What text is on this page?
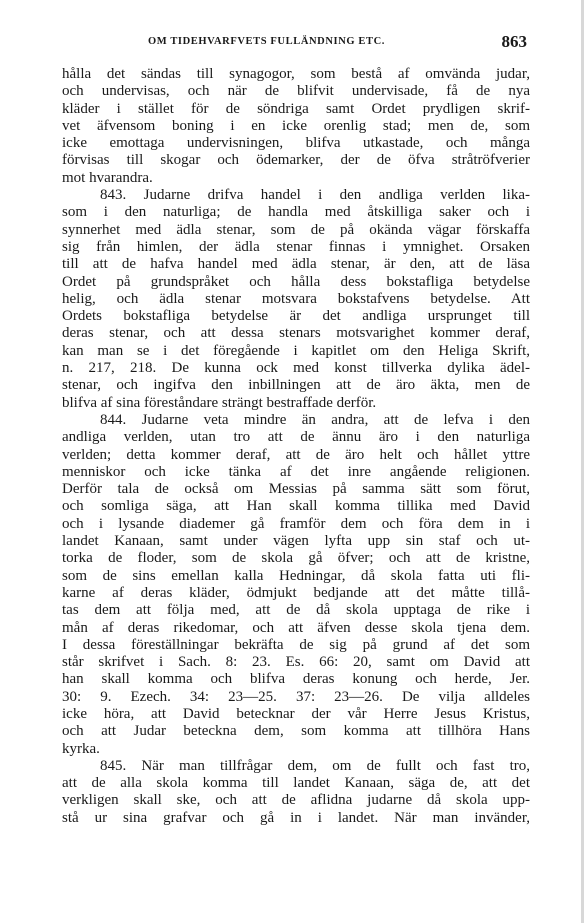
OM TIDEHVARFVETS FULLÄNDNING ETC.	863
hålla det sändas till synagogor, som bestå af omvända judar,
och undervisas, och när de blifvit undervisade, få de nya
kläder i stället för de söndriga samt Ordet prydligen skrif-
vet äfvensom boning i en icke orenlig stad; men de, som
icke emottaga undervisningen, blifva utkastade, och många
förvisas till skogar och ödemarker, der de öfva stråtröfverier
mot hvarandra.
843. Judarne drifva handel i den andliga verlden lika-
som i den naturliga; de handla med åtskilliga saker och i
synnerhet med ädla stenar, som de på okända vägar förskaffa
sig från himlen, der ädla stenar finnas i ymnighet. Orsaken
till att de hafva handel med ädla stenar, är den, att de läsa
Ordet på grundspråket och hålla dess bokstafliga betydelse
helig, och ädla stenar motsvara bokstafvens betydelse. Att
Ordets bokstafliga betydelse är det andliga ursprunget till
deras stenar, och att dessa stenars motsvarighet kommer deraf,
kan man se i det föregående i kapitlet om den Heliga Skrift,
n. 217, 218. De kunna ock med konst tillverka dylika ädel-
stenar, och ingifva den inbillningen att de äro äkta, men de
blifva af sina föreståndare strängt bestraffade derför.
844. Judarne veta mindre än andra, att de lefva i den
andliga verlden, utan tro att de ännu äro i den naturliga
verlden; detta kommer deraf, att de äro helt och hållet yttre
menniskor och icke tänka af det inre angående religionen.
Derför tala de också om Messias på samma sätt som förut,
och somliga säga, att Han skall komma tillika med David
och i lysande diademer gå framför dem och föra dem in i
landet Kanaan, samt under vägen lyfta upp sin staf och ut-
torka de floder, som de skola gå öfver; och att de kristne,
som de sins emellan kalla Hedningar, då skola fatta uti fli-
karne af deras kläder, ödmjukt bedjande att det måtte tillå-
tas dem att följa med, att de då skola upptaga de rike i
mån af deras rikedomar, och att äfven desse skola tjena dem.
I dessa föreställningar bekräfta de sig på grund af det som
står skrifvet i Sach. 8: 23. Es. 66: 20, samt om David att
han skall komma och blifva deras konung och herde, Jer.
30: 9. Ezech. 34: 23—25. 37: 23—26. De vilja alldeles
icke höra, att David betecknar der vår Herre Jesus Kristus,
och att Judar betecknа dem, som komma att tillhöra Hans
kyrka.
845. När man tillfrågar dem, om de fullt och fast tro,
att de alla skola komma till landet Kanaan, säga de, att det
verkligen skall ske, och att de aflidna judarne då skola upp-
stå ur sina grafvar och gå in i landet. När man invänder,
